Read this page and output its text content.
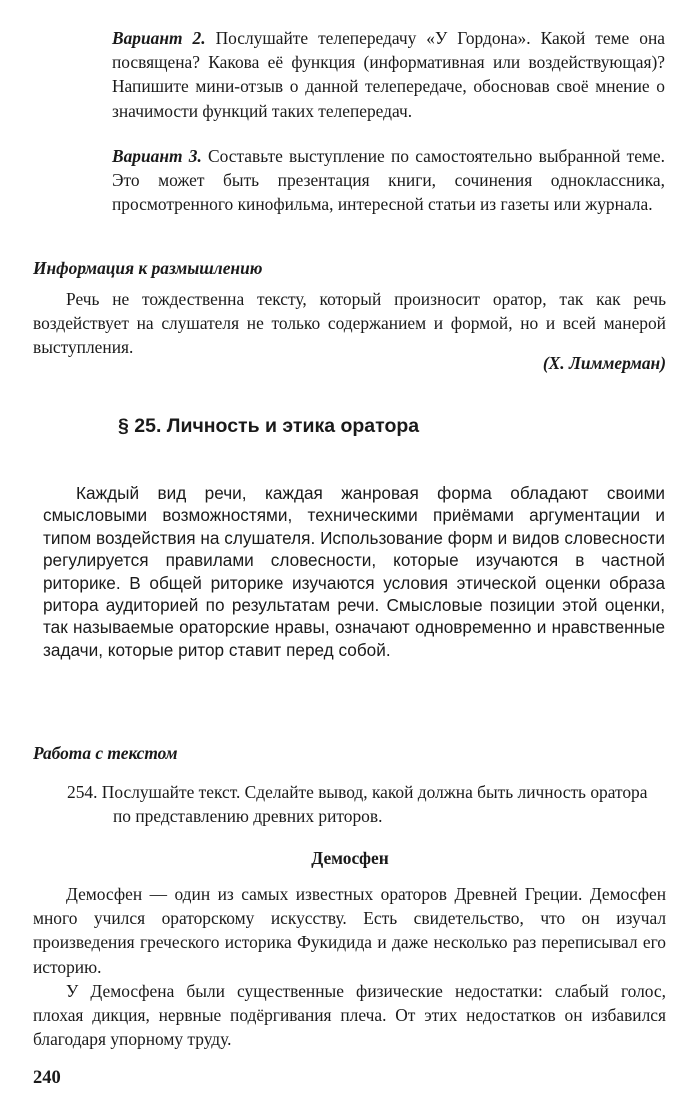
Вариант 2. Послушайте телепередачу «У Гордона». Какой теме она посвящена? Какова её функция (информативная или воздействующая)? Напишите мини-отзыв о данной телепередаче, обосновав своё мнение о значимости функций таких телепередач.

Вариант 3. Составьте выступление по самостоятельно выбранной теме. Это может быть презентация книги, сочинения одноклассника, просмотренного кинофильма, интересной статьи из газеты или журнала.

Информация к размышлению

Речь не тождественна тексту, который произносит оратор, так как речь воздействует на слушателя не только содержанием и формой, но и всей манерой выступления.

(Х. Лиммерман)

§ 25. Личность и этика оратора

Каждый вид речи, каждая жанровая форма обладают своими смысловыми возможностями, техническими приёмами аргументации и типом воздействия на слушателя. Использование форм и видов словесности регулируется правилами словесности, которые изучаются в частной риторике. В общей риторике изучаются условия этической оценки образа ритора аудиторией по результатам речи. Смысловые позиции этой оценки, так называемые ораторские нравы, означают одновременно и нравственные задачи, которые ритор ставит перед собой.

Работа с текстом

254. Послушайте текст. Сделайте вывод, какой должна быть личность оратора по представлению древних риторов.

Демосфен

Демосфен — один из самых известных ораторов Древней Греции. Демосфен много учился ораторскому искусству. Есть свидетельство, что он изучал произведения греческого историка Фукидида и даже несколько раз переписывал его историю.

У Демосфена были существенные физические недостатки: слабый голос, плохая дикция, нервные подёргивания плеча. От этих недостатков он избавился благодаря упорному труду.

240
